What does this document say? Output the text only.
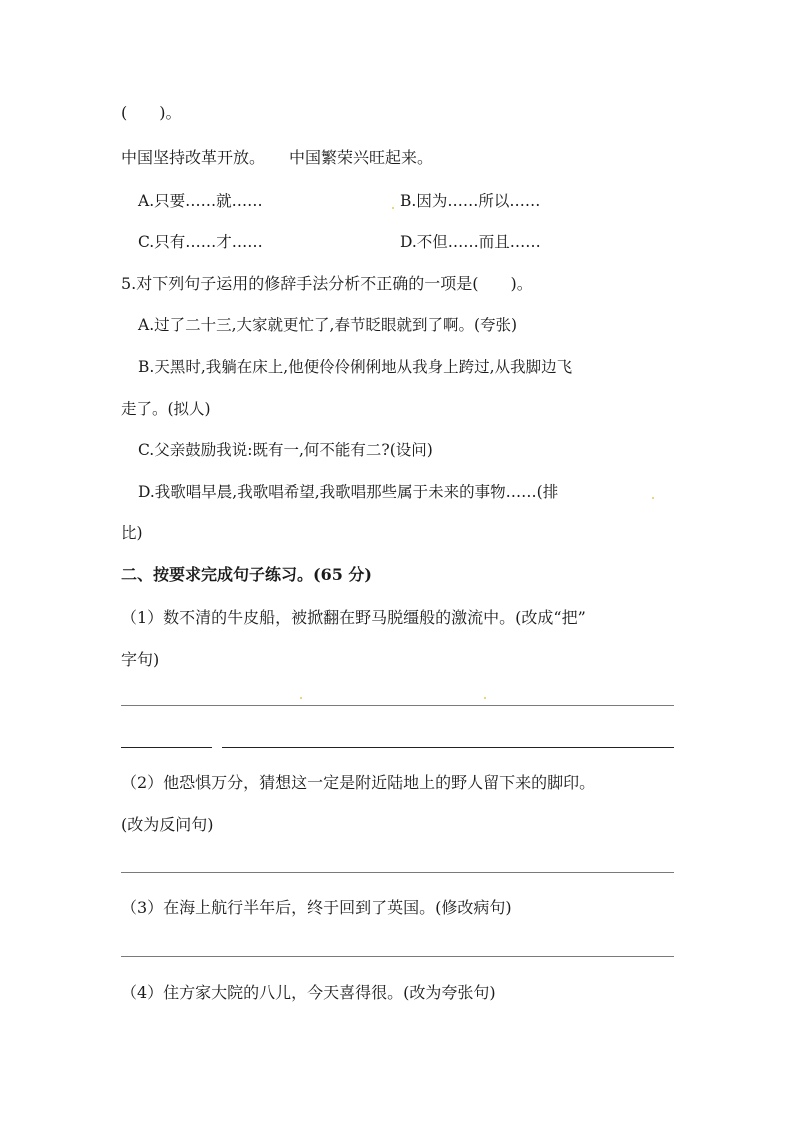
(　　)。
中国坚持改革开放。　　中国繁荣兴旺起来。
A.只要……就……	B.因为……所以……
C.只有……才……	D.不但……而且……
5.对下列句子运用的修辞手法分析不正确的一项是(　　)。
A.过了二十三,大家就更忙了,春节眨眼就到了啊。(夸张)
B.天黑时,我躺在床上,他便伶伶俐俐地从我身上跨过,从我脚边飞
走了。(拟人)
C.父亲鼓励我说:既有一,何不能有二?(设问)
D.我歌唱早晨,我歌唱希望,我歌唱那些属于未来的事物……(排
比)
二、按要求完成句子练习。(65 分)
（1）数不清的牛皮船，被掀翻在野马脱缰般的激流中。(改成“把”
字句)
（2）他恐惧万分，猜想这一定是附近陆地上的野人留下来的脚印。
(改为反问句)
（3）在海上航行半年后，终于回到了英国。(修改病句)
（4）住方家大院的八儿，今天喜得很。(改为夸张句)
